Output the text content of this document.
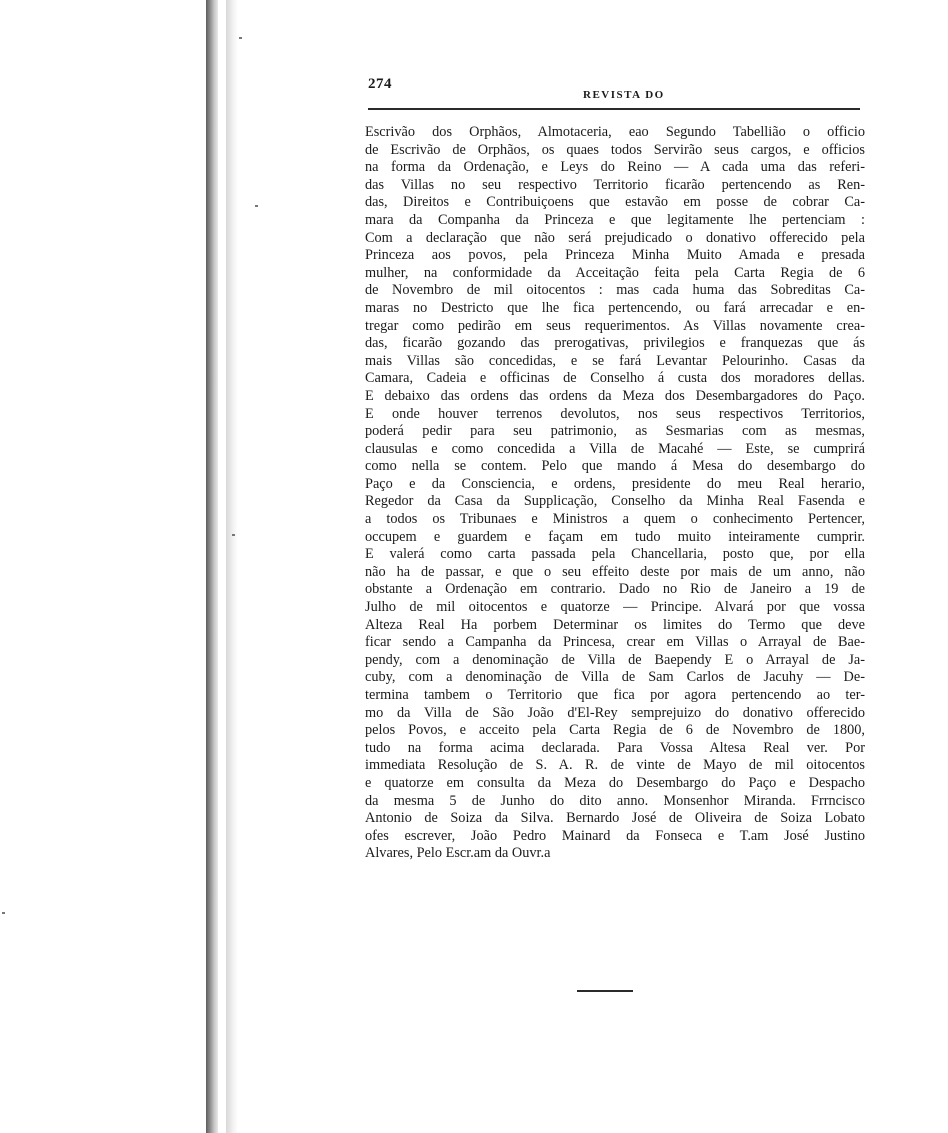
274
REVISTA DO
Escrivão dos Orphãos, Almotaceria, eao Segundo Tabellião o officio
de Escrivão de Orphãos, os quaes todos Servirão seus cargos, e officios
na forma da Ordenação, e Leys do Reino — A cada uma das referi-
das Villas no seu respectivo Territorio ficarão pertencendo as Ren-
das, Direitos e Contribuiçoens que estavão em posse de cobrar Ca-
mara da Companha da Princeza e que legitamente lhe pertenciam :
Com a declaração que não será prejudicado o donativo offerecido pela
Princeza aos povos, pela Princeza Minha Muito Amada e presada
mulher, na conformidade da Acceitação feita pela Carta Regia de 6
de Novembro de mil oitocentos : mas cada huma das Sobreditas Ca-
maras no Destricto que lhe fica pertencendo, ou fará arrecadar e en-
tregar como pedirão em seus requerimentos. As Villas novamente crea-
das, ficarão gozando das prerogativas, privilegios e franquezas que ás
mais Villas são concedidas, e se fará Levantar Pelourinho. Casas da
Camara, Cadeia e officinas de Conselho á custa dos moradores dellas.
E debaixo das ordens das ordens da Meza dos Desembargadores do Paço.
E onde houver terrenos devolutos, nos seus respectivos Territorios,
poderá pedir para seu patrimonio, as Sesmarias com as mesmas,
clausulas e como concedida a Villa de Macahé — Este, se cumprirá
como nella se contem. Pelo que mando á Mesa do desembargo do
Paço e da Consciencia, e ordens, presidente do meu Real herario,
Regedor da Casa da Supplicação, Conselho da Minha Real Fasenda e
a todos os Tribunaes e Ministros a quem o conhecimento Pertencer,
occupem e guardem e façam em tudo muito inteiramente cumprir.
E valerá como carta passada pela Chancellaria, posto que, por ella
não ha de passar, e que o seu effeito deste por mais de um anno, não
obstante a Ordenação em contrario. Dado no Rio de Janeiro a 19 de
Julho de mil oitocentos e quatorze — Principe. Alvará por que vossa
Alteza Real Ha porbem Determinar os limites do Termo que deve
ficar sendo a Campanha da Princesa, crear em Villas o Arrayal de Bae-
pendy, com a denominação de Villa de Baependy E o Arrayal de Ja-
cuby, com a denominação de Villa de Sam Carlos de Jacuhy — De-
termina tambem o Territorio que fica por agora pertencendo ao ter-
mo da Villa de São João d'El-Rey semprejuizo do donativo offerecido
pelos Povos, e acceito pela Carta Regia de 6 de Novembro de 1800,
tudo na forma acima declarada. Para Vossa Altesa Real ver. Por
immediata Resolução de S. A. R. de vinte de Mayo de mil oitocentos
e quatorze em consulta da Meza do Desembargo do Paço e Despacho
da mesma 5 de Junho do dito anno. Monsenhor Miranda. Frrncisco
Antonio de Soiza da Silva. Bernardo José de Oliveira de Soiza Lobato
ofes escrever, João Pedro Mainard da Fonseca e T.am José Justino
Alvares, Pelo Escr.am da Ouvr.a
